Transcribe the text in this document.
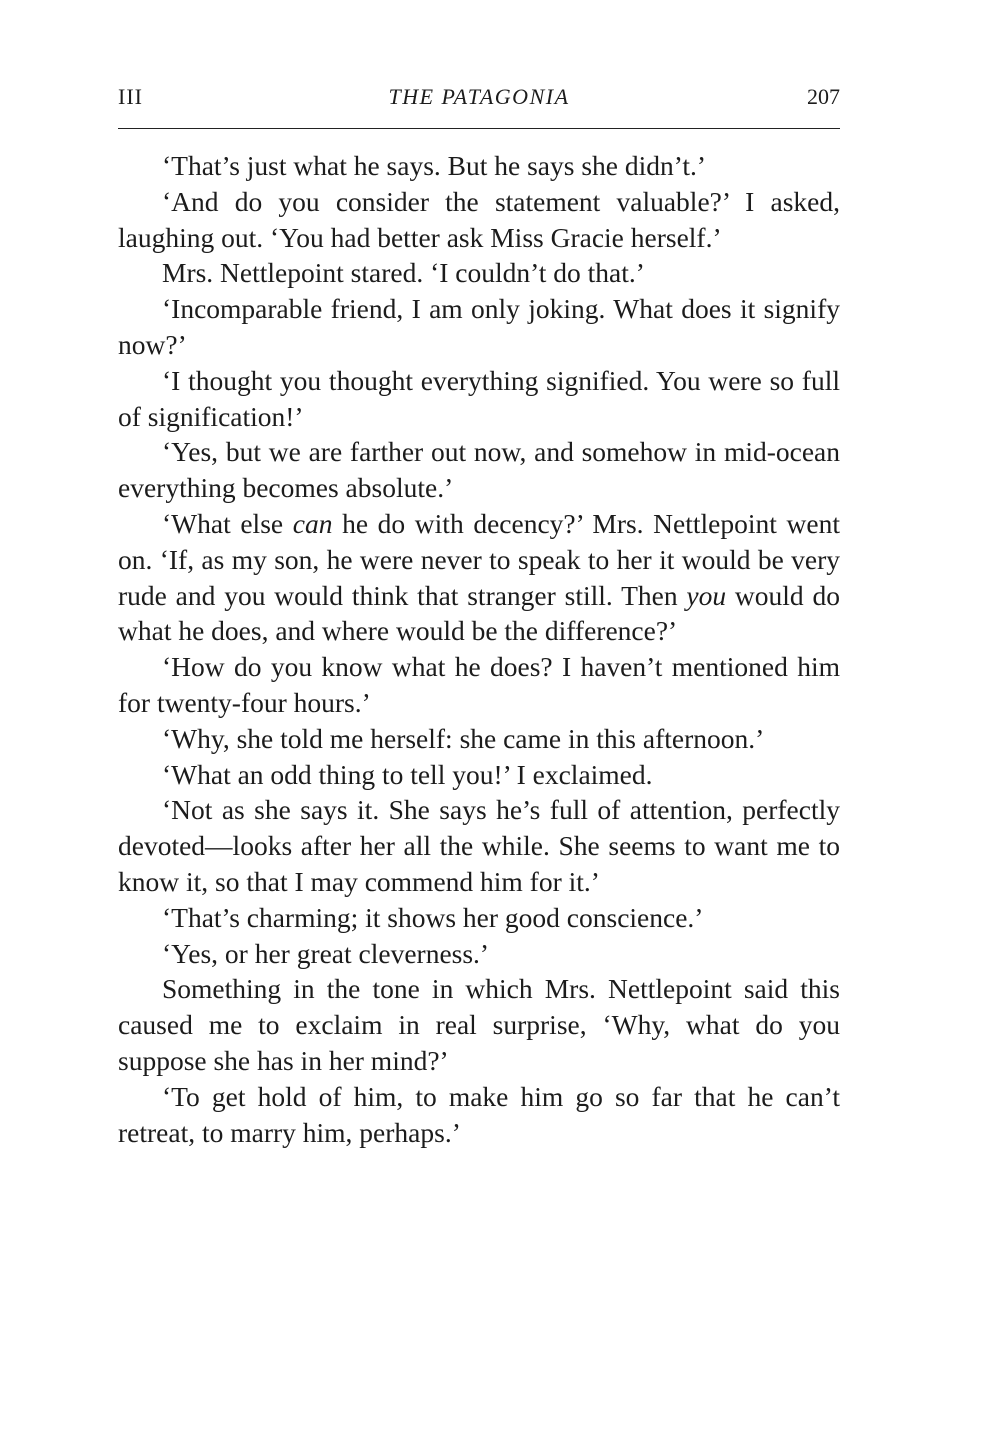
III	THE PATAGONIA	207

‘That’s just what he says. But he says she didn’t.’

‘And do you consider the statement valuable?’ I asked, laughing out. ‘You had better ask Miss Gracie herself.’

Mrs. Nettlepoint stared. ‘I couldn’t do that.’

‘Incomparable friend, I am only joking. What does it signify now?’

‘I thought you thought everything signified. You were so full of signification!’

‘Yes, but we are farther out now, and somehow in mid-ocean everything becomes absolute.’

‘What else can he do with decency?’ Mrs. Nettlepoint went on. ‘If, as my son, he were never to speak to her it would be very rude and you would think that stranger still. Then you would do what he does, and where would be the difference?’

‘How do you know what he does? I haven’t mentioned him for twenty-four hours.’

‘Why, she told me herself: she came in this afternoon.’

‘What an odd thing to tell you!’ I exclaimed.

‘Not as she says it. She says he’s full of attention, perfectly devoted—looks after her all the while. She seems to want me to know it, so that I may commend him for it.’

‘That’s charming; it shows her good conscience.’

‘Yes, or her great cleverness.’

Something in the tone in which Mrs. Nettlepoint said this caused me to exclaim in real surprise, ‘Why, what do you suppose she has in her mind?’

‘To get hold of him, to make him go so far that he can’t retreat, to marry him, perhaps.’
